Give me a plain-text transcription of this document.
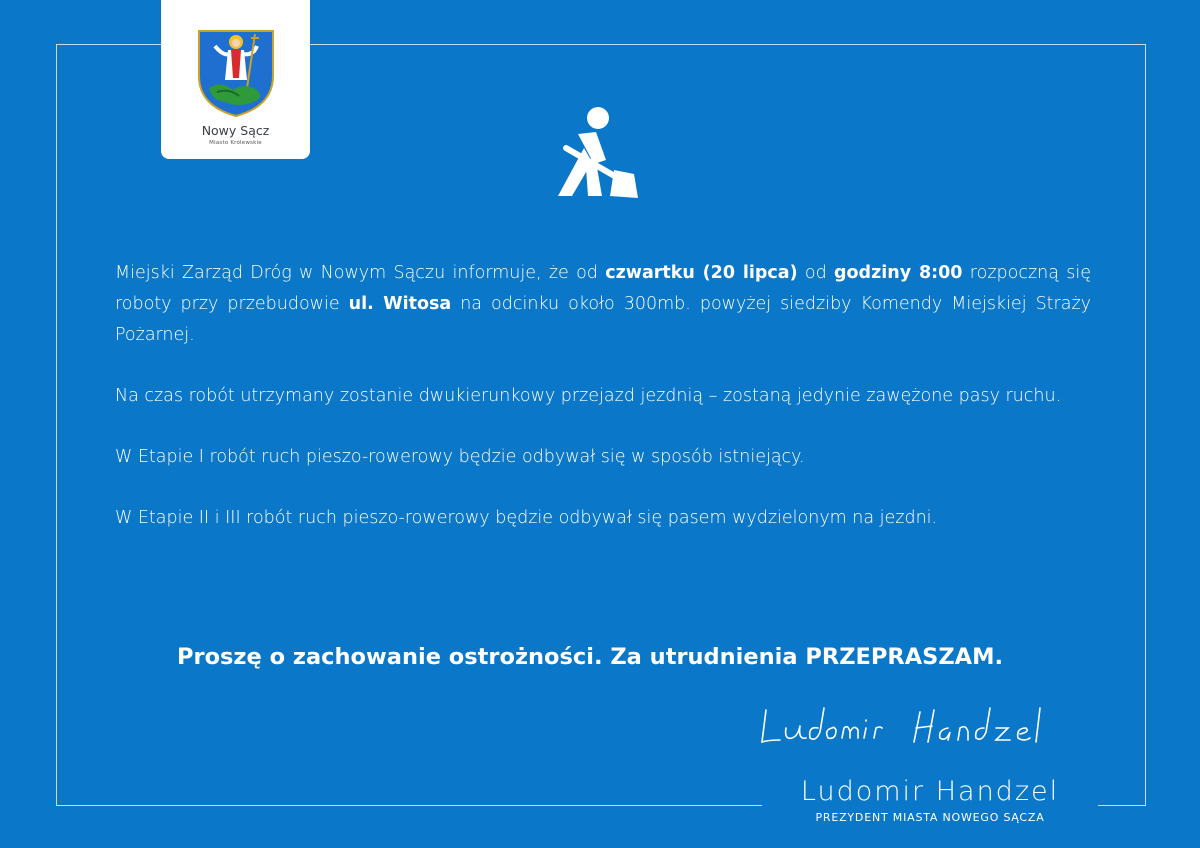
Nowy Sącz
Miasto Królewskie

Miejski Zarząd Dróg w Nowym Sączu informuje, że od czwartku (20 lipca) od godziny 8:00 rozpoczną się roboty przy przebudowie ul. Witosa na odcinku około 300mb. powyżej siedziby Komendy Miejskiej Straży Pożarnej.

Na czas robót utrzymany zostanie dwukierunkowy przejazd jezdnią – zostaną jedynie zawężone pasy ruchu.

W Etapie I robót ruch pieszo-rowerowy będzie odbywał się w sposób istniejący.

W Etapie II i III robót ruch pieszo-rowerowy będzie odbywał się pasem wydzielonym na jezdni.

Proszę o zachowanie ostrożności. Za utrudnienia PRZEPRASZAM.
Ludomir Handzel
PREZYDENT MIASTA NOWEGO SĄCZA
